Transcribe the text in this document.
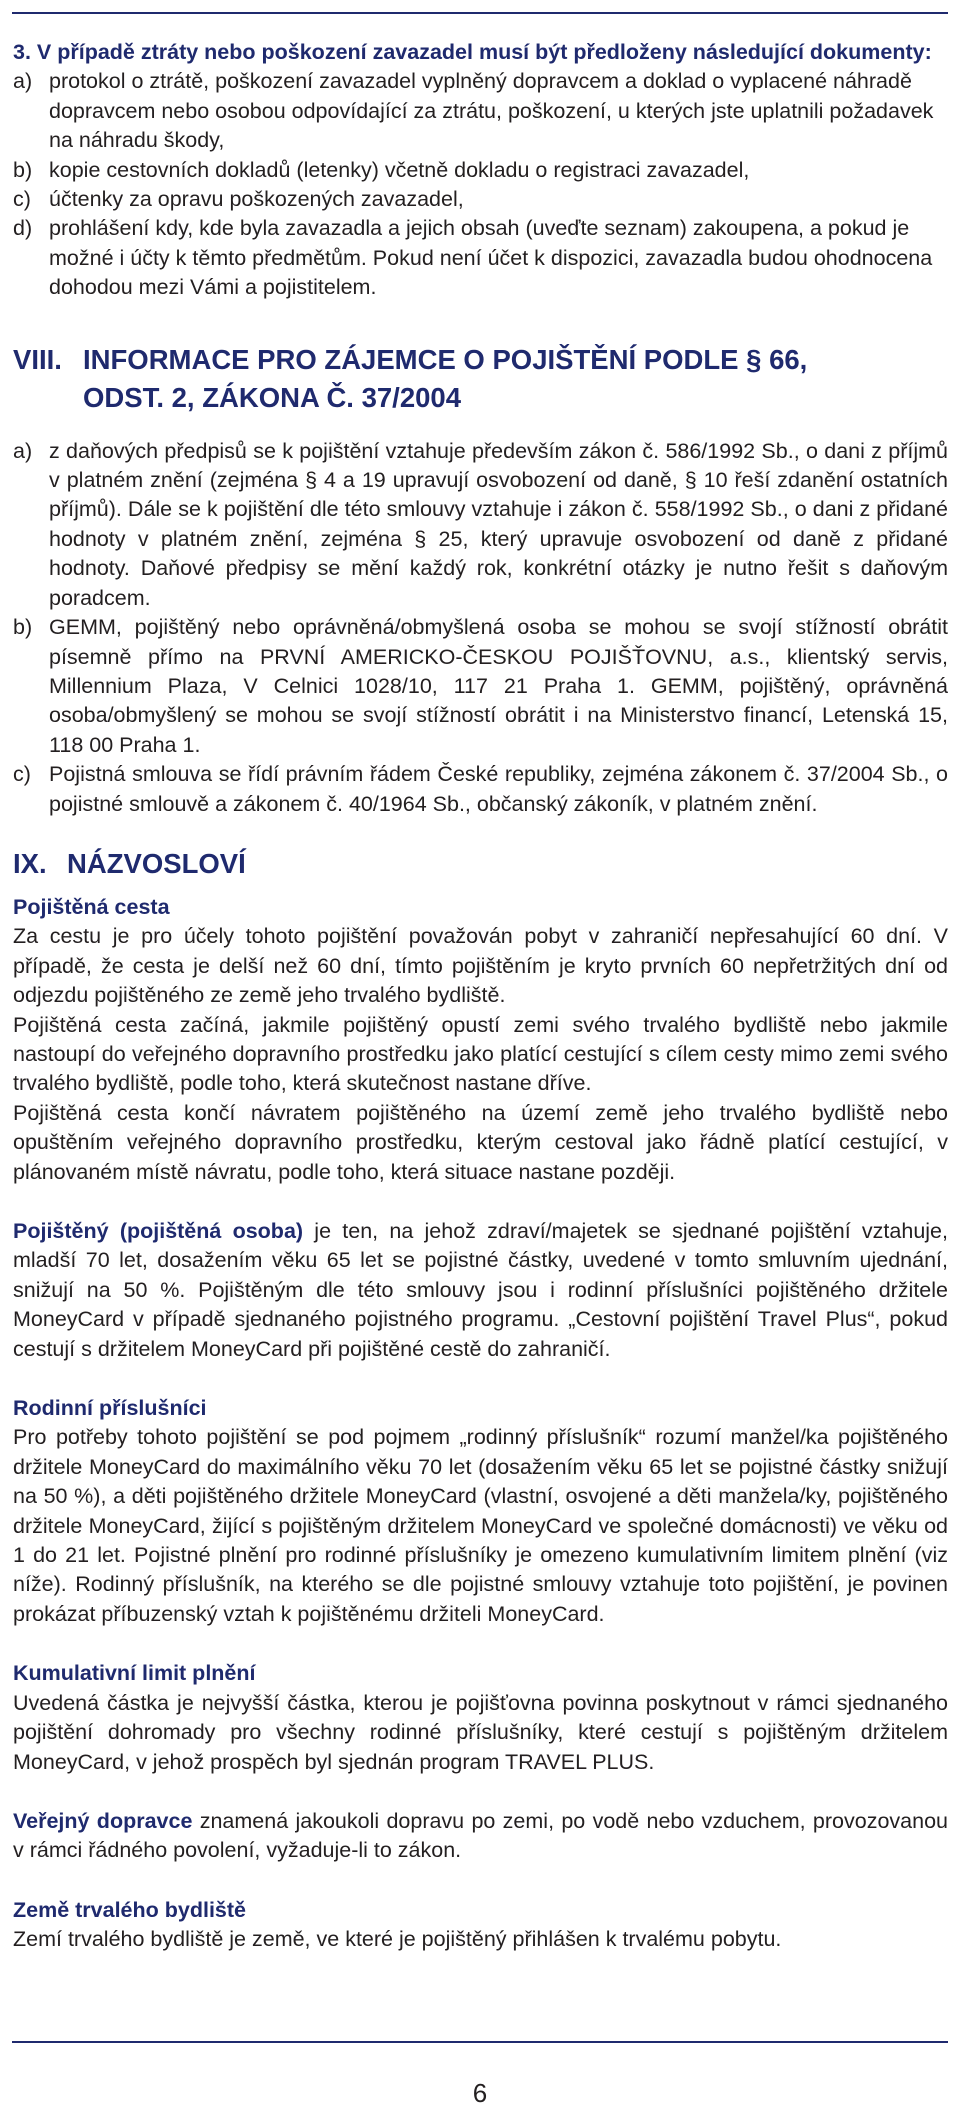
3. V případě ztráty nebo poškození zavazadel musí být předloženy následující dokumenty:

a) protokol o ztrátě, poškození zavazadel vyplněný dopravcem a doklad o vyplacené náhradě dopravcem nebo osobou odpovídající za ztrátu, poškození, u kterých jste uplatnili požadavek na náhradu škody,
b) kopie cestovních dokladů (letenky) včetně dokladu o registraci zavazadel,
c) účtenky za opravu poškozených zavazadel,
d) prohlášení kdy, kde byla zavazadla a jejich obsah (uveďte seznam) zakoupena, a pokud je možné i účty k těmto předmětům. Pokud není účet k dispozici, zavazadla budou ohodnocena dohodou mezi Vámi a pojistitelem.
VIII. INFORMACE PRO ZÁJEMCE O POJIŠTĚNÍ PODLE § 66,
ODST. 2, ZÁKONA Č. 37/2004
a) z daňových předpisů se k pojištění vztahuje především zákon č. 586/1992 Sb., o dani z příjmů v platném znění (zejména § 4 a 19 upravují osvobození od daně, § 10 řeší zdanění ostatních příjmů). Dále se k pojištění dle této smlouvy vztahuje i zákon č. 558/1992 Sb., o dani z přidané hodnoty v platném znění, zejména § 25, který upravuje osvobození od daně z přidané hodnoty. Daňové předpisy se mění každý rok, konkrétní otázky je nutno řešit s daňovým poradcem.
b) GEMM, pojištěný nebo oprávněná/obmyšlená osoba se mohou se svojí stížností obrátit písemně přímo na PRVNÍ AMERICKO-ČESKOU POJIŠŤOVNU, a.s., klientský servis, Millennium Plaza, V Celnici 1028/10, 117 21 Praha 1. GEMM, pojištěný, oprávněná osoba/obmyšlený se mohou se svojí stížností obrátit i na Ministerstvo financí, Letenská 15, 118 00 Praha 1.
c) Pojistná smlouva se řídí právním řádem České republiky, zejména zákonem č. 37/2004 Sb., o pojistné smlouvě a zákonem č. 40/1964 Sb., občanský zákoník, v platném znění.
IX. NÁZVOSLOVÍ

Pojištěná cesta

Za cestu je pro účely tohoto pojištění považován pobyt v zahraničí nepřesahující 60 dní. V případě, že cesta je delší než 60 dní, tímto pojištěním je kryto prvních 60 nepřetržitých dní od odjezdu pojištěného ze země jeho trvalého bydliště.

Pojištěná cesta začíná, jakmile pojištěný opustí zemi svého trvalého bydliště nebo jakmile nastoupí do veřejného dopravního prostředku jako platící cestující s cílem cesty mimo zemi svého trvalého bydliště, podle toho, která skutečnost nastane dříve.

Pojištěná cesta končí návratem pojištěného na území země jeho trvalého bydliště nebo opuštěním veřejného dopravního prostředku, kterým cestoval jako řádně platící cestující, v plánovaném místě návratu, podle toho, která situace nastane později.

Pojištěný (pojištěná osoba) je ten, na jehož zdraví/majetek se sjednané pojištění vztahuje, mladší 70 let, dosažením věku 65 let se pojistné částky, uvedené v tomto smluvním ujednání, snižují na 50 %. Pojištěným dle této smlouvy jsou i rodinní příslušníci pojištěného držitele MoneyCard v případě sjednaného pojistného programu. „Cestovní pojištění Travel Plus“, pokud cestují s držitelem MoneyCard při pojištěné cestě do zahraničí.

Rodinní příslušníci

Pro potřeby tohoto pojištění se pod pojmem „rodinný příslušník“ rozumí manžel/ka pojištěného držitele MoneyCard do maximálního věku 70 let (dosažením věku 65 let se pojistné částky snižují na 50 %), a děti pojištěného držitele MoneyCard (vlastní, osvojené a děti manžela/ky, pojištěného držitele MoneyCard, žijící s pojištěným držitelem MoneyCard ve společné domácnosti) ve věku od 1 do 21 let. Pojistné plnění pro rodinné příslušníky je omezeno kumulativním limitem plnění (viz níže). Rodinný příslušník, na kterého se dle pojistné smlouvy vztahuje toto pojištění, je povinen prokázat příbuzenský vztah k pojištěnému držiteli MoneyCard.

Kumulativní limit plnění

Uvedená částka je nejvyšší částka, kterou je pojišťovna povinna poskytnout v rámci sjednaného pojištění dohromady pro všechny rodinné příslušníky, které cestují s pojištěným držitelem MoneyCard, v jehož prospěch byl sjednán program TRAVEL PLUS.

Veřejný dopravce znamená jakoukoli dopravu po zemi, po vodě nebo vzduchem, provozovanou v rámci řádného povolení, vyžaduje-li to zákon.

Země trvalého bydliště

Zemí trvalého bydliště je země, ve které je pojištěný přihlášen k trvalému pobytu.

6
